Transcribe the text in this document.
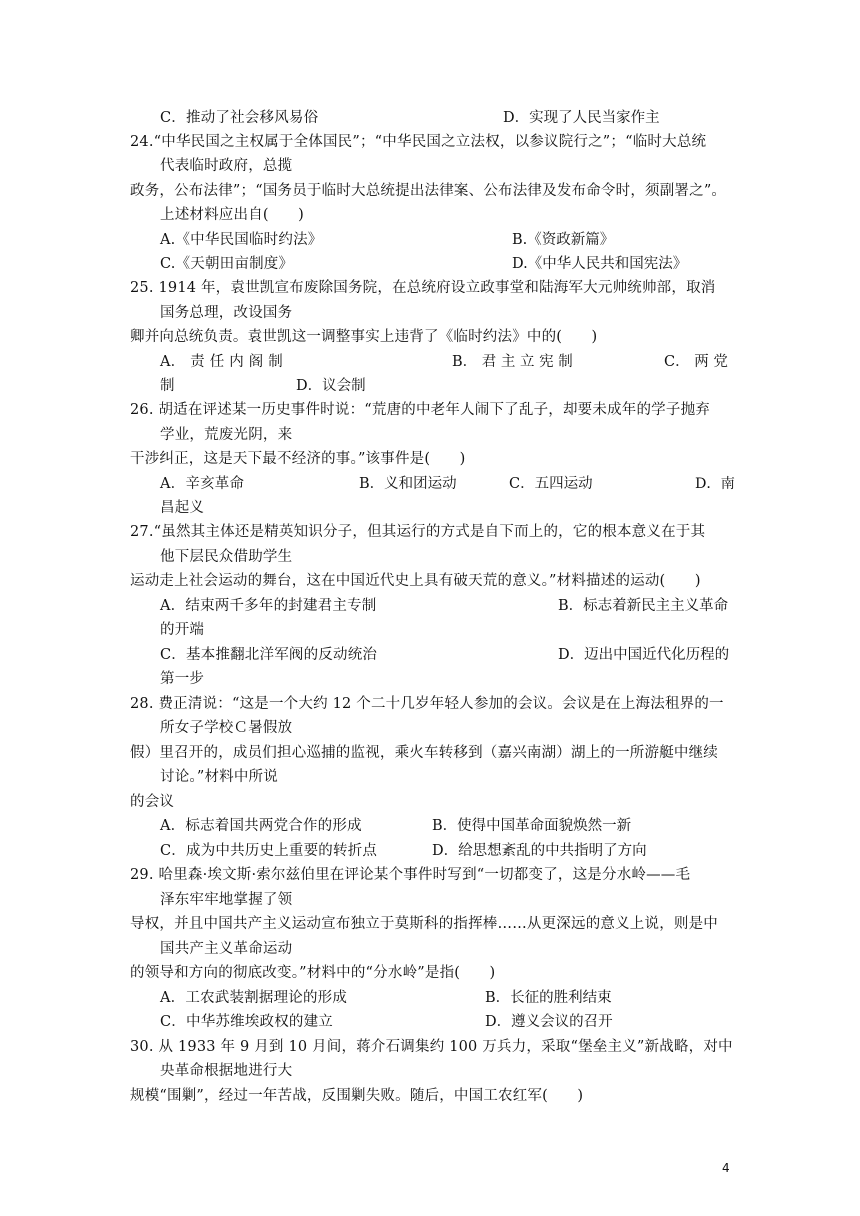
C．推动了社会移风易俗	D．实现了人民当家作主
24.“中华民国之主权属于全体国民”；“中华民国之立法权，以参议院行之”；“临时大总统
代表临时政府，总揽
政务，公布法律”；“国务员于临时大总统提出法律案、公布法律及发布命令时，须副署之”。
上述材料应出自(　　)
A.《中华民国临时约法》	B.《资政新篇》
C.《天朝田亩制度》	D.《中华人民共和国宪法》
25. 1914 年，袁世凯宣布废除国务院，在总统府设立政事堂和陆海军大元帅统帅部，取消
国务总理，改设国务
卿并向总统负责。袁世凯这一调整事实上违背了《临时约法》中的(　　)
A． 责 任 内 阁 制	B． 君 主 立 宪 制	C． 两 党
制	D．议会制
26. 胡适在评述某一历史事件时说：“荒唐的中老年人闹下了乱子，却要未成年的学子抛弃
学业，荒废光阴，来
干涉纠正，这是天下最不经济的事。”该事件是(　　)
A．辛亥革命	B．义和团运动	C．五四运动	D．南
昌起义
27.“虽然其主体还是精英知识分子，但其运行的方式是自下而上的，它的根本意义在于其
他下层民众借助学生
运动走上社会运动的舞台，这在中国近代史上具有破天荒的意义。”材料描述的运动(　　)
A．结束两千多年的封建君主专制	B．标志着新民主主义革命
的开端
C．基本推翻北洋军阀的反动统治	D．迈出中国近代化历程的
第一步
28. 费正清说：“这是一个大约 12 个二十几岁年轻人参加的会议。会议是在上海法租界的一
所女子学校Ｃ暑假放
假）里召开的，成员们担心巡捕的监视，乘火车转移到（嘉兴南湖）湖上的一所游艇中继续
讨论。”材料中所说
的会议
A．标志着国共两党合作的形成	B．使得中国革命面貌焕然一新
C．成为中共历史上重要的转折点	D．给思想紊乱的中共指明了方向
29. 哈里森·埃文斯·索尔兹伯里在评论某个事件时写到“一切都变了，这是分水岭——毛
泽东牢牢地掌握了领
导权，并且中国共产主义运动宣布独立于莫斯科的指挥棒……从更深远的意义上说，则是中
国共产主义革命运动
的领导和方向的彻底改变。”材料中的“分水岭”是指(　　)
A．工农武装割据理论的形成	B．长征的胜利结束
C．中华苏维埃政权的建立	D．遵义会议的召开
30. 从 1933 年 9 月到 10 月间，蒋介石调集约 100 万兵力，采取“堡垒主义”新战略，对中
央革命根据地进行大
规模“围剿”，经过一年苦战，反围剿失败。随后，中国工农红军(　　)
4
